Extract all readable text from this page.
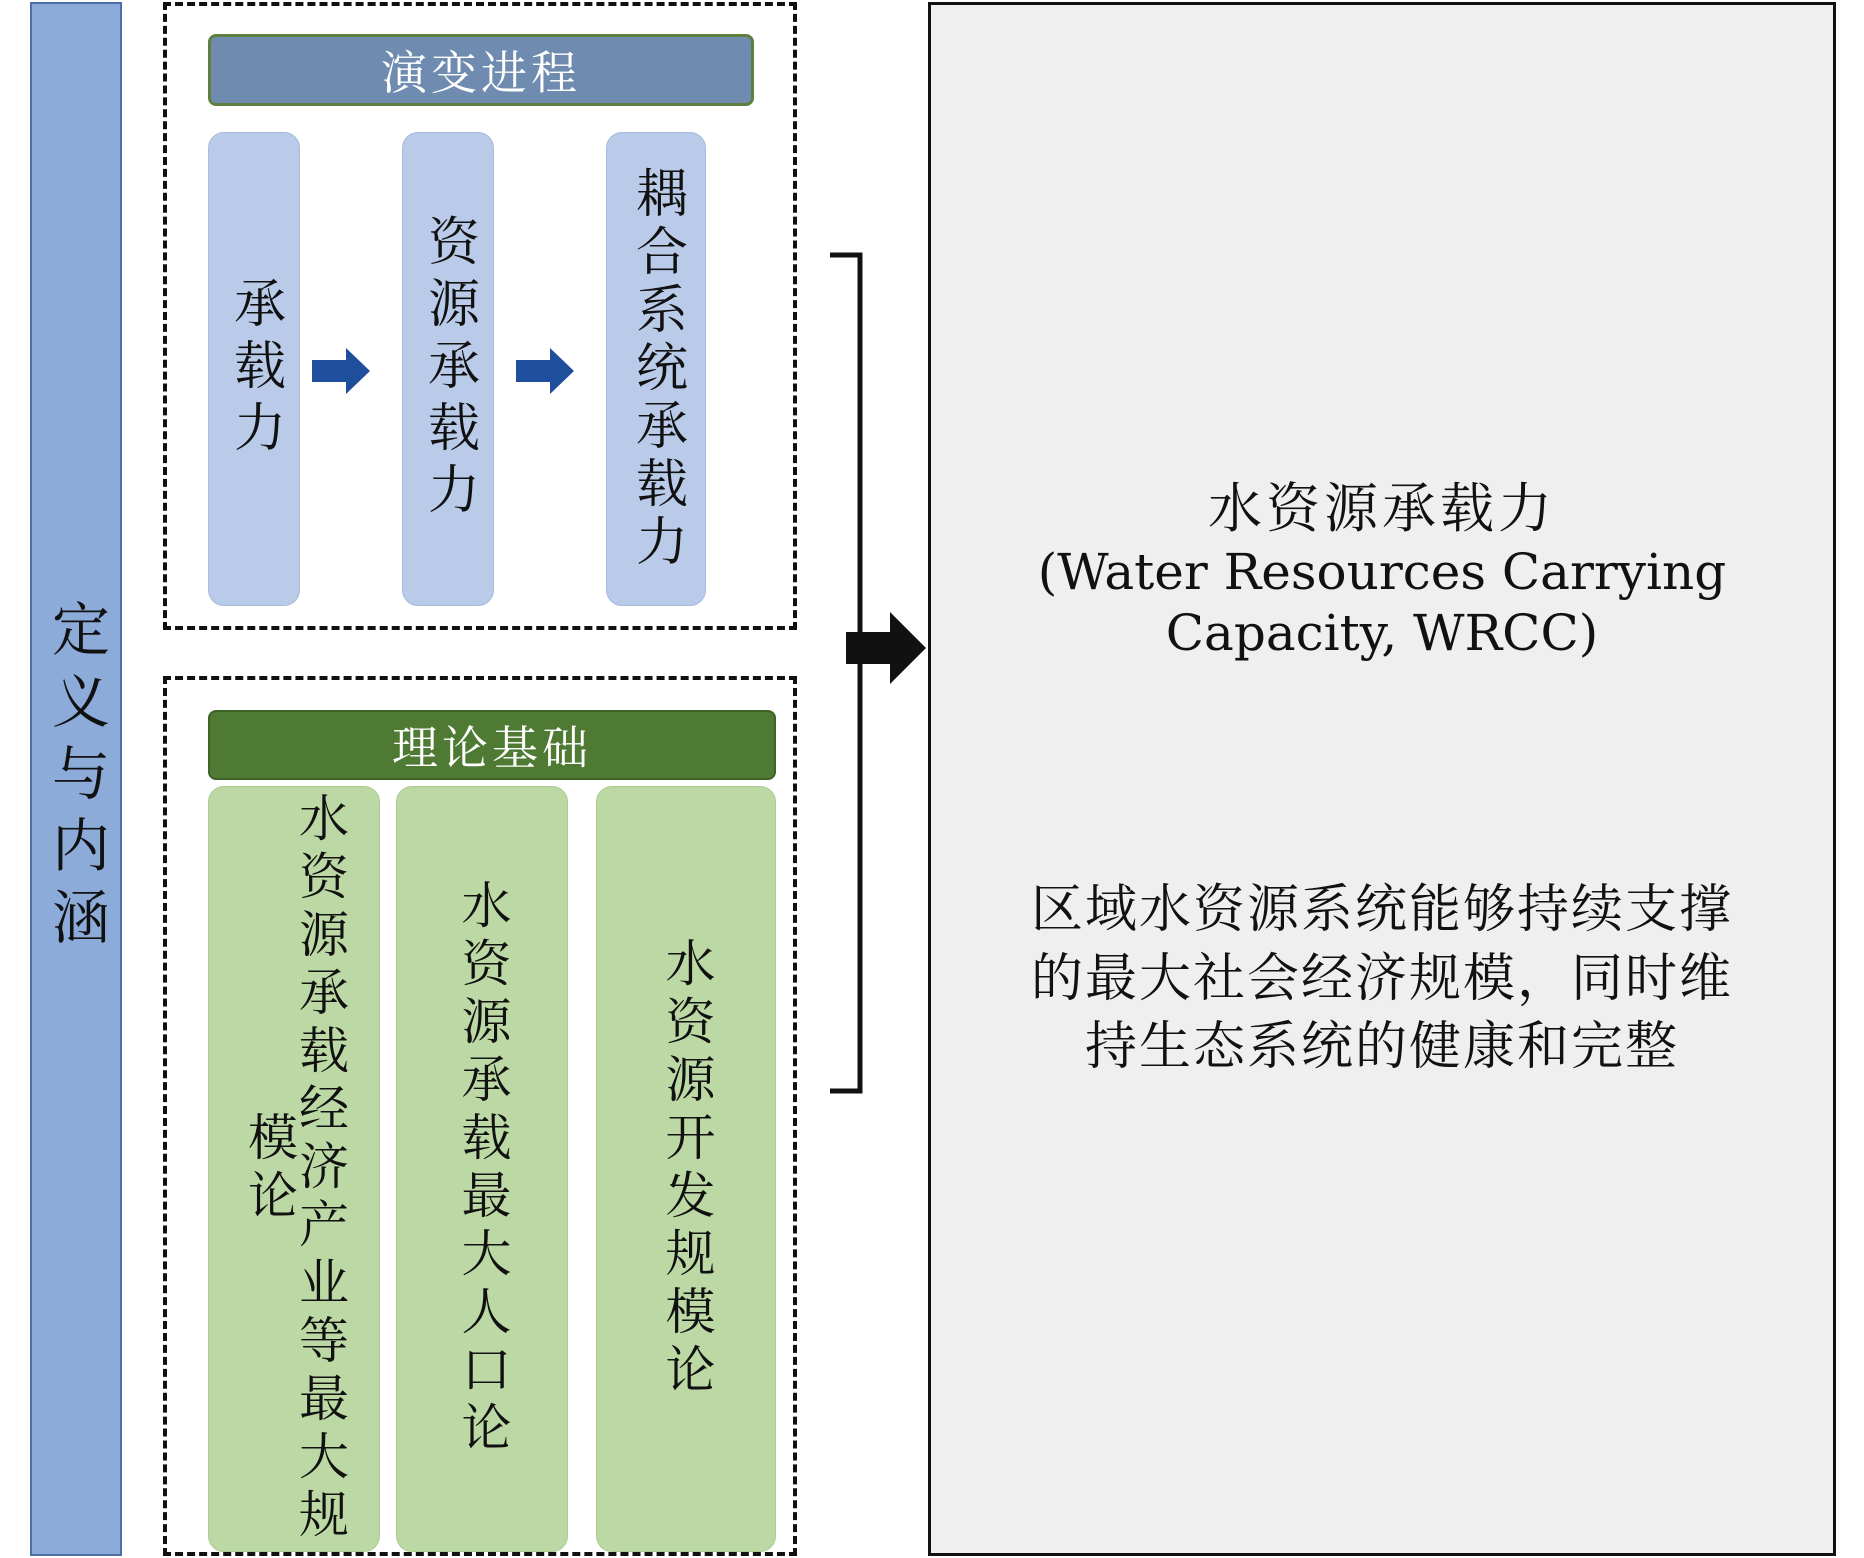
定义与内涵
演变进程
承载力	资源承载力	耦合系统承载力
理论基础
水资源承载经济产业等最大规模论	水资源承载最大人口论	水资源开发规模论
水资源承载力
(Water Resources Carrying
Capacity, WRCC)
区域水资源系统能够持续支撑的最大社会经济规模，同时维持生态系统的健康和完整
